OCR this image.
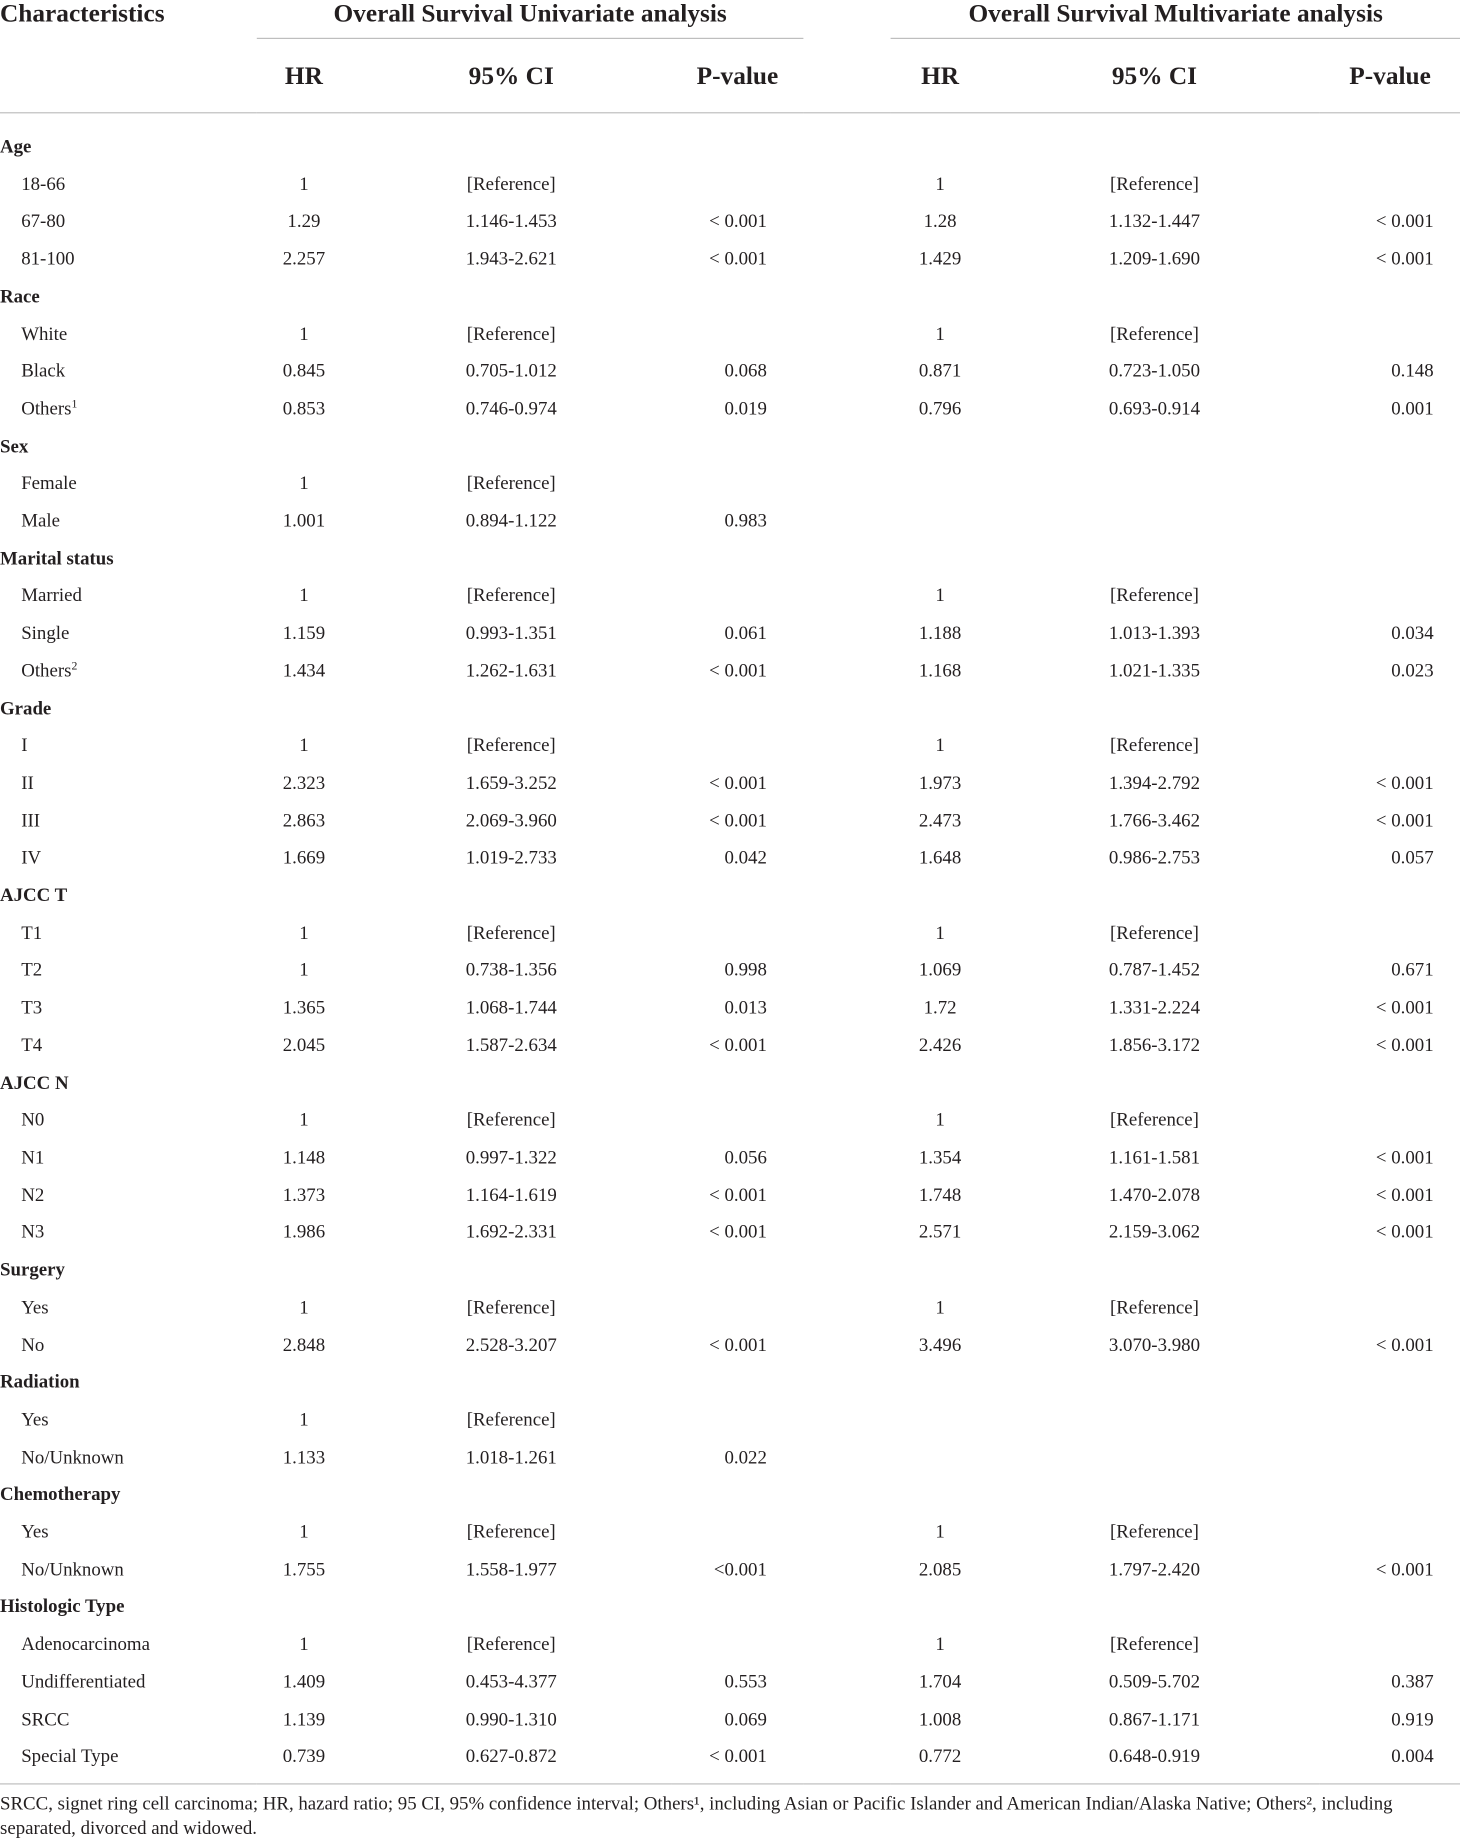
Characteristics	Overall Survival Univariate analysis				Overall Survival Multivariate analysis		
	HR	95% CI	P-value		HR	95% CI	P-value

Age							
18-66	1	[Reference]			1	[Reference]	
67-80	1.29	1.146-1.453	< 0.001		1.28	1.132-1.447	< 0.001
81-100	2.257	1.943-2.621	< 0.001		1.429	1.209-1.690	< 0.001
Race							
White	1	[Reference]			1	[Reference]	
Black	0.845	0.705-1.012	0.068		0.871	0.723-1.050	0.148
Others$^1$	0.853	0.746-0.974	0.019		0.796	0.693-0.914	0.001
Sex							
Female	1	[Reference]					
Male	1.001	0.894-1.122	0.983				
Marital status							
Married	1	[Reference]			1	[Reference]	
Single	1.159	0.993-1.351	0.061		1.188	1.013-1.393	0.034
Others$^2$	1.434	1.262-1.631	< 0.001		1.168	1.021-1.335	0.023
Grade							
I	1	[Reference]			1	[Reference]	
II	2.323	1.659-3.252	< 0.001		1.973	1.394-2.792	< 0.001
III	2.863	2.069-3.960	< 0.001		2.473	1.766-3.462	< 0.001
IV	1.669	1.019-2.733	0.042		1.648	0.986-2.753	0.057
AJCC T							
T1	1	[Reference]			1	[Reference]	
T2	1	0.738-1.356	0.998		1.069	0.787-1.452	0.671
T3	1.365	1.068-1.744	0.013		1.72	1.331-2.224	< 0.001
T4	2.045	1.587-2.634	< 0.001		2.426	1.856-3.172	< 0.001
AJCC N							
N0	1	[Reference]			1	[Reference]	
N1	1.148	0.997-1.322	0.056		1.354	1.161-1.581	< 0.001
N2	1.373	1.164-1.619	< 0.001		1.748	1.470-2.078	< 0.001
N3	1.986	1.692-2.331	< 0.001		2.571	2.159-3.062	< 0.001
Surgery							
Yes	1	[Reference]			1	[Reference]	
No	2.848	2.528-3.207	< 0.001		3.496	3.070-3.980	< 0.001
Radiation							
Yes	1	[Reference]					
No/Unknown	1.133	1.018-1.261	0.022				
Chemotherapy							
Yes	1	[Reference]			1	[Reference]	
No/Unknown	1.755	1.558-1.977	<0.001		2.085	1.797-2.420	< 0.001
Histologic Type							
Adenocarcinoma	1	[Reference]			1	[Reference]	
Undifferentiated	1.409	0.453-4.377	0.553		1.704	0.509-5.702	0.387
SRCC	1.139	0.990-1.310	0.069		1.008	0.867-1.171	0.919
Special Type	0.739	0.627-0.872	< 0.001		0.772	0.648-0.919	0.004
SRCC, signet ring cell carcinoma; HR, hazard ratio; 95 CI, 95% confidence interval; Others¹, including Asian or Pacific Islander and American Indian/Alaska Native; Others², including separated, divorced and widowed.
